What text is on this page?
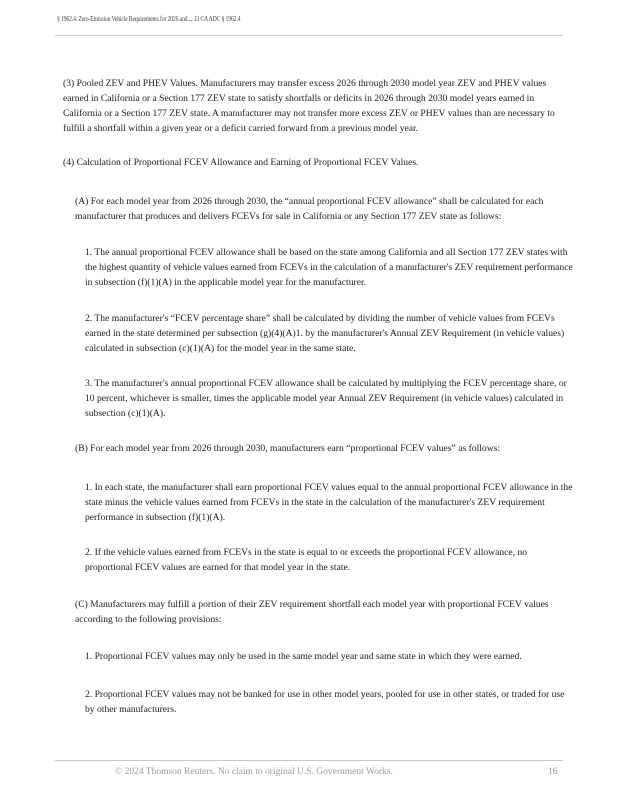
§ 1962.4. Zero-Emission Vehicle Requirements for 2026 and..., 13 CA ADC § 1962.4

(3) Pooled ZEV and PHEV Values. Manufacturers may transfer excess 2026 through 2030 model year ZEV and PHEV values earned in California or a Section 177 ZEV state to satisfy shortfalls or deficits in 2026 through 2030 model years earned in California or a Section 177 ZEV state. A manufacturer may not transfer more excess ZEV or PHEV values than are necessary to fulfill a shortfall within a given year or a deficit carried forward from a previous model year.

(4) Calculation of Proportional FCEV Allowance and Earning of Proportional FCEV Values.

(A) For each model year from 2026 through 2030, the “annual proportional FCEV allowance” shall be calculated for each manufacturer that produces and delivers FCEVs for sale in California or any Section 177 ZEV state as follows:

1. The annual proportional FCEV allowance shall be based on the state among California and all Section 177 ZEV states with the highest quantity of vehicle values earned from FCEVs in the calculation of a manufacturer's ZEV requirement performance in subsection (f)(1)(A) in the applicable model year for the manufacturer.

2. The manufacturer's “FCEV percentage share” shall be calculated by dividing the number of vehicle values from FCEVs earned in the state determined per subsection (g)(4)(A)1. by the manufacturer's Annual ZEV Requirement (in vehicle values) calculated in subsection (c)(1)(A) for the model year in the same state.

3. The manufacturer's annual proportional FCEV allowance shall be calculated by multiplying the FCEV percentage share, or 10 percent, whichever is smaller, times the applicable model year Annual ZEV Requirement (in vehicle values) calculated in subsection (c)(1)(A).

(B) For each model year from 2026 through 2030, manufacturers earn “proportional FCEV values” as follows:

1. In each state, the manufacturer shall earn proportional FCEV values equal to the annual proportional FCEV allowance in the state minus the vehicle values earned from FCEVs in the state in the calculation of the manufacturer's ZEV requirement performance in subsection (f)(1)(A).

2. If the vehicle values earned from FCEVs in the state is equal to or exceeds the proportional FCEV allowance, no proportional FCEV values are earned for that model year in the state.

(C) Manufacturers may fulfill a portion of their ZEV requirement shortfall each model year with proportional FCEV values according to the following provisions:

1. Proportional FCEV values may only be used in the same model year and same state in which they were earned.

2. Proportional FCEV values may not be banked for use in other model years, pooled for use in other states, or traded for use by other manufacturers.

© 2024 Thomson Reuters. No claim to original U.S. Government Works.	16
